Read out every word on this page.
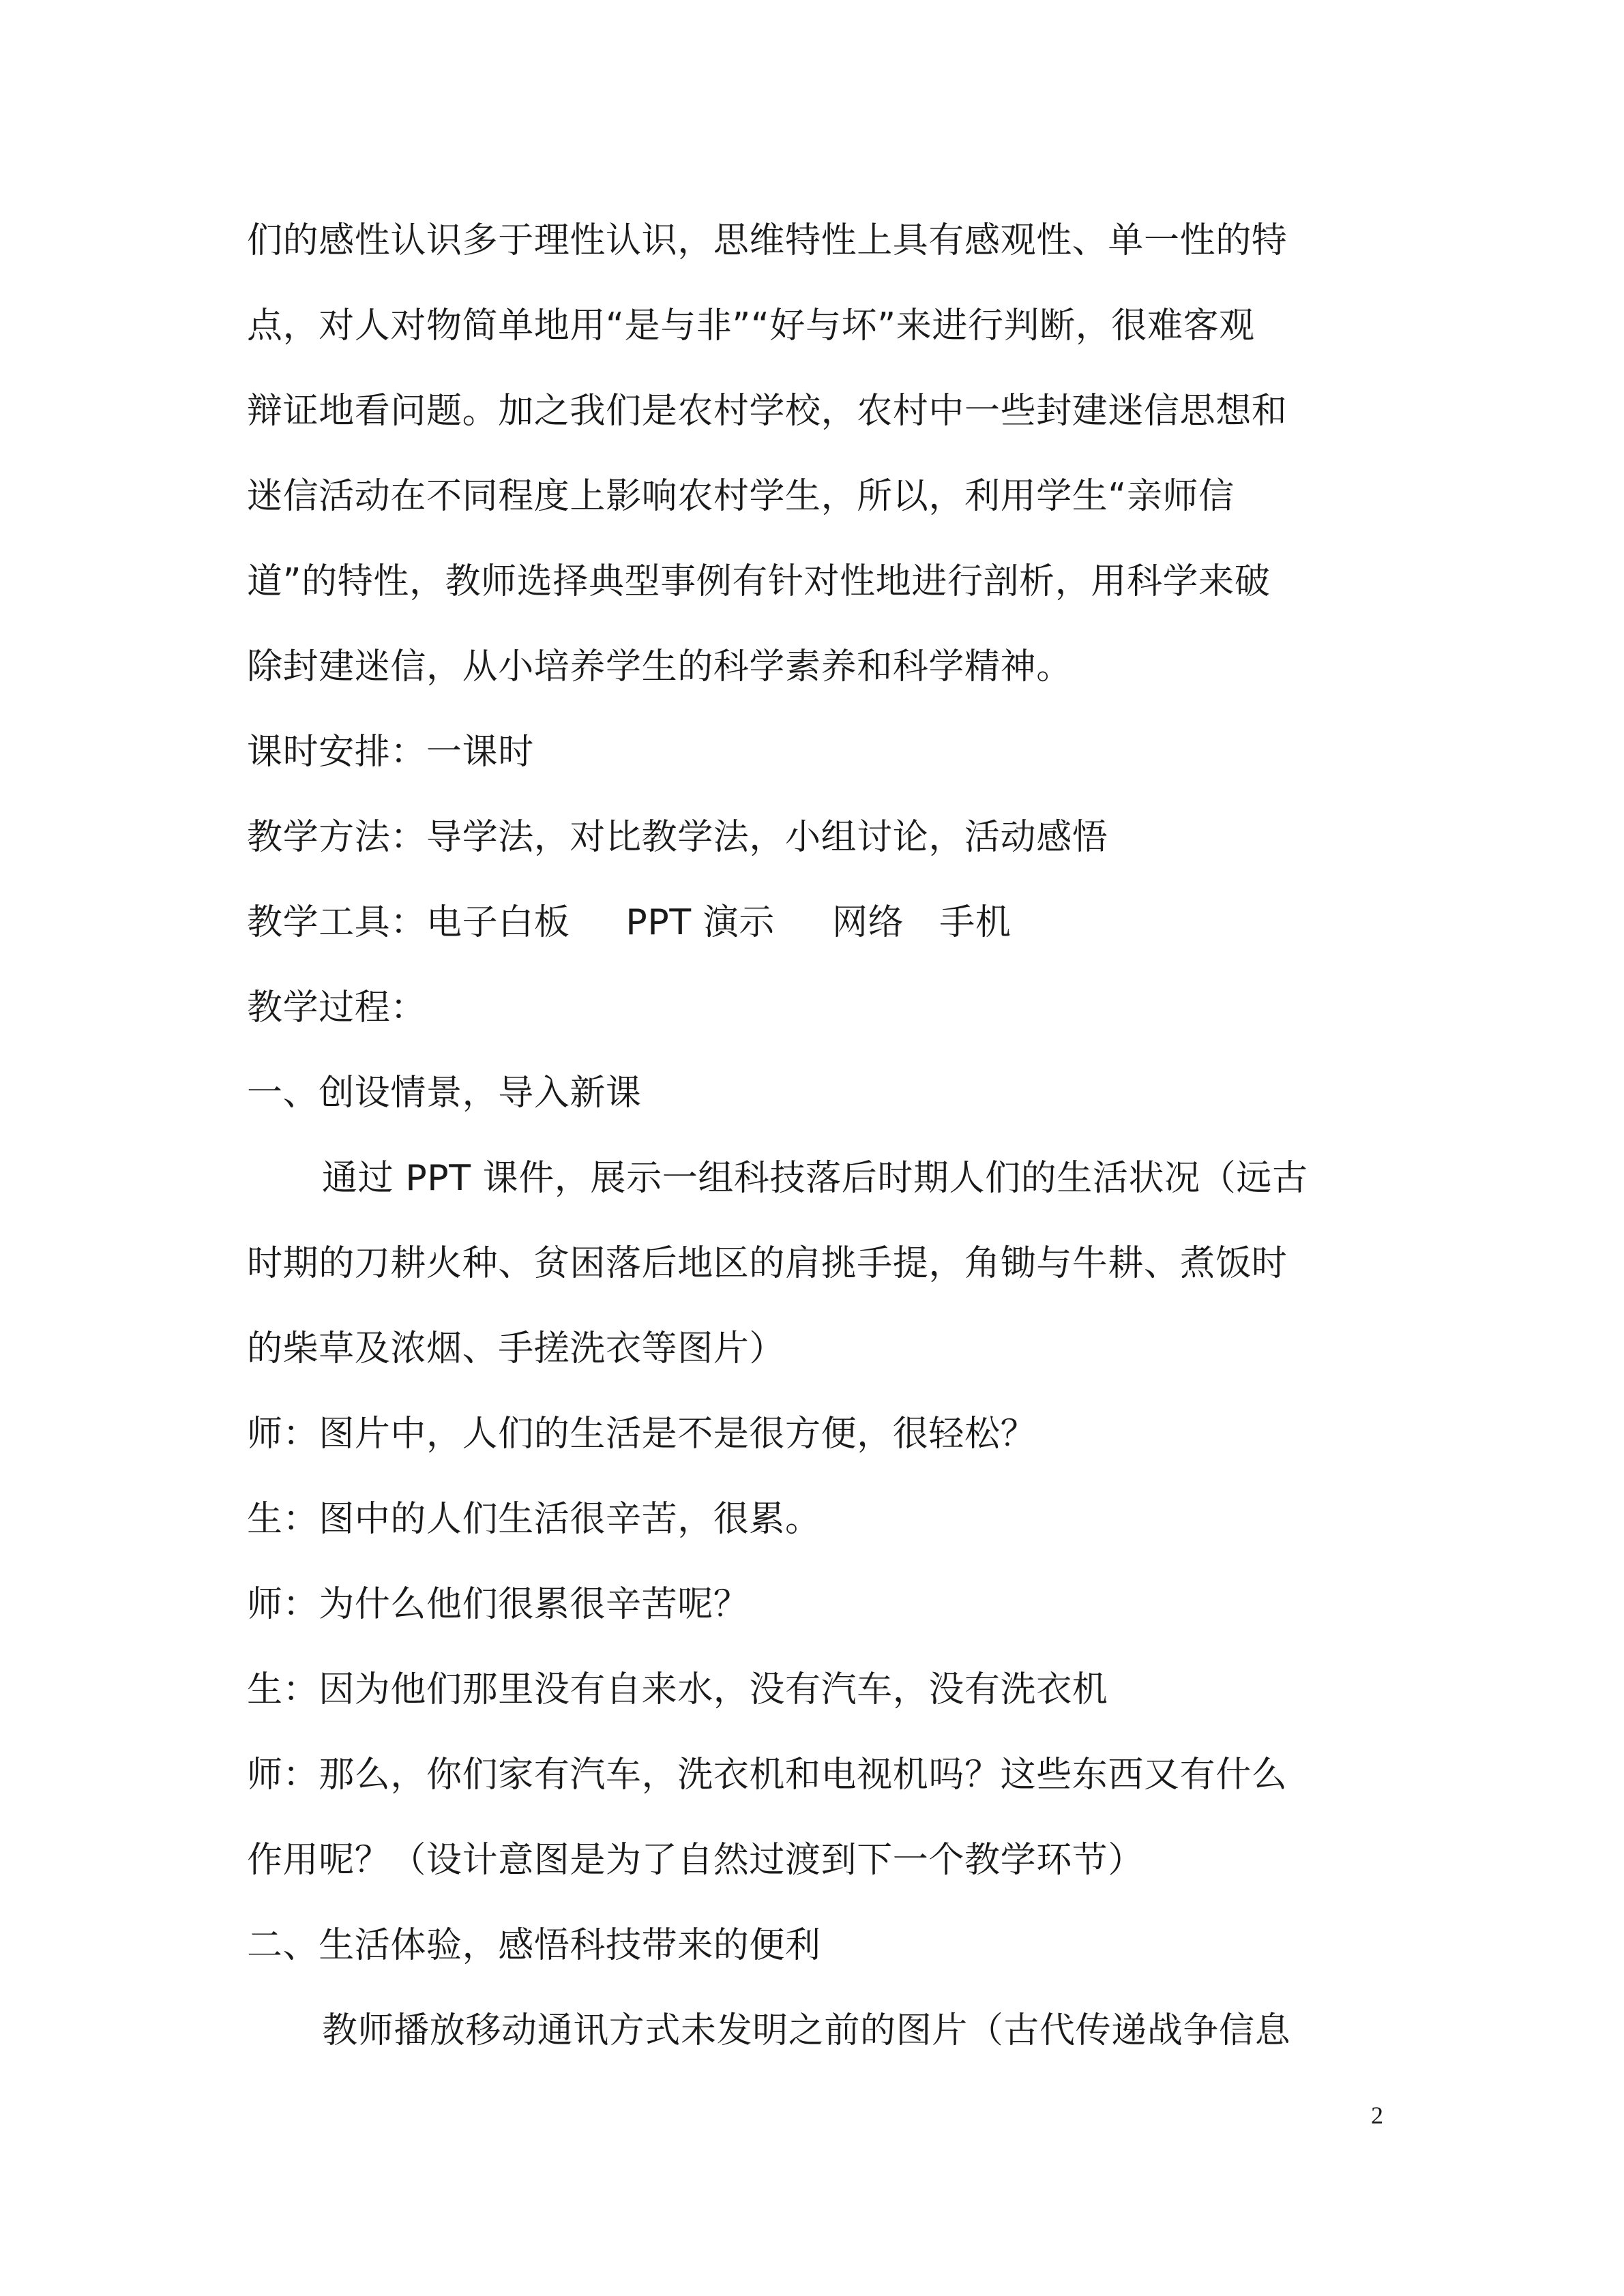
们的感性认识多于理性认识，思维特性上具有感观性、单一性的特
点，对人对物简单地用“是与非”“好与坏”来进行判断，很难客观
辩证地看问题。加之我们是农村学校，农村中一些封建迷信思想和
迷信活动在不同程度上影响农村学生，所以，利用学生“亲师信
道”的特性，教师选择典型事例有针对性地进行剖析，用科学来破
除封建迷信，从小培养学生的科学素养和科学精神。
课时安排：一课时
教学方法：导学法，对比教学法，小组讨论，活动感悟
教学工具：电子白板 PPT 演示 网络 手机
教学过程：
一、创设情景，导入新课
通过 PPT 课件，展示一组科技落后时期人们的生活状况（远古
时期的刀耕火种、贫困落后地区的肩挑手提，角锄与牛耕、煮饭时
的柴草及浓烟、手搓洗衣等图片）
师：图片中，人们的生活是不是很方便，很轻松？
生：图中的人们生活很辛苦，很累。
师：为什么他们很累很辛苦呢？
生：因为他们那里没有自来水，没有汽车，没有洗衣机
师：那么，你们家有汽车，洗衣机和电视机吗？这些东西又有什么
作用呢？（设计意图是为了自然过渡到下一个教学环节）
二、生活体验，感悟科技带来的便利
教师播放移动通讯方式未发明之前的图片（古代传递战争信息
2
